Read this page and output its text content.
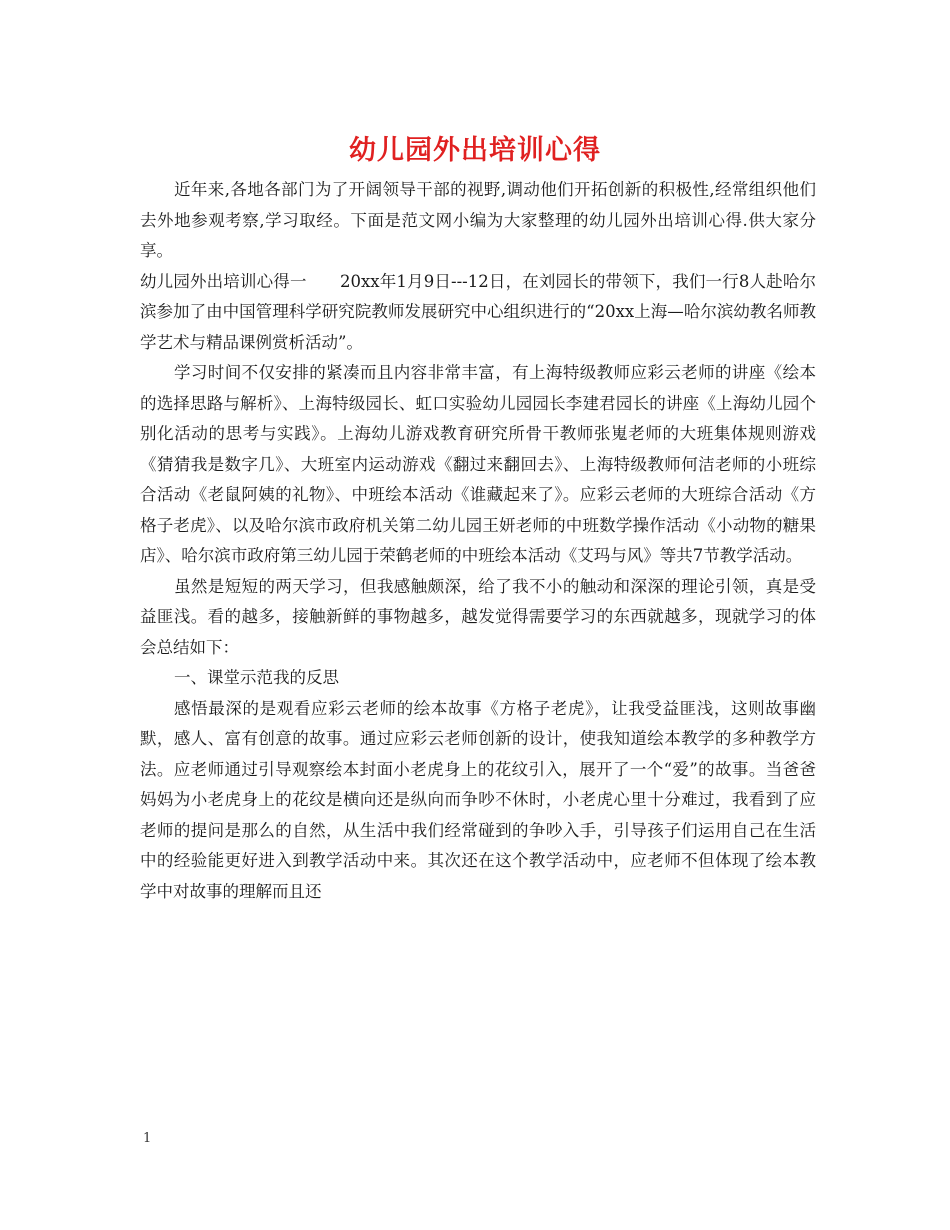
幼儿园外出培训心得

近年来,各地各部门为了开阔领导干部的视野,调动他们开拓创新的积极性,经常组织他们去外地参观考察,学习取经。下面是范文网小编为大家整理的幼儿园外出培训心得.供大家分享。

幼儿园外出培训心得一　　20xx年1月9日---12日，在刘园长的带领下，我们一行8人赴哈尔滨参加了由中国管理科学研究院教师发展研究中心组织进行的“20xx上海—哈尔滨幼教名师教学艺术与精品课例赏析活动”。

学习时间不仅安排的紧凑而且内容非常丰富，有上海特级教师应彩云老师的讲座《绘本的选择思路与解析》、上海特级园长、虹口实验幼儿园园长李建君园长的讲座《上海幼儿园个别化活动的思考与实践》。上海幼儿游戏教育研究所骨干教师张嵬老师的大班集体规则游戏《猜猜我是数字几》、大班室内运动游戏《翻过来翻回去》、上海特级教师何洁老师的小班综合活动《老鼠阿姨的礼物》、中班绘本活动《谁藏起来了》。应彩云老师的大班综合活动《方格子老虎》、以及哈尔滨市政府机关第二幼儿园王妍老师的中班数学操作活动《小动物的糖果店》、哈尔滨市政府第三幼儿园于荣鹤老师的中班绘本活动《艾玛与风》等共7节教学活动。

虽然是短短的两天学习，但我感触颇深，给了我不小的触动和深深的理论引领，真是受益匪浅。看的越多，接触新鲜的事物越多，越发觉得需要学习的东西就越多，现就学习的体会总结如下：

一、课堂示范我的反思

感悟最深的是观看应彩云老师的绘本故事《方格子老虎》，让我受益匪浅，这则故事幽默，感人、富有创意的故事。通过应彩云老师创新的设计，使我知道绘本教学的多种教学方法。应老师通过引导观察绘本封面小老虎身上的花纹引入，展开了一个“爱”的故事。当爸爸妈妈为小老虎身上的花纹是横向还是纵向而争吵不休时，小老虎心里十分难过，我看到了应老师的提问是那么的自然，从生活中我们经常碰到的争吵入手，引导孩子们运用自己在生活中的经验能更好进入到教学活动中来。其次还在这个教学活动中，应老师不但体现了绘本教学中对故事的理解而且还

1
